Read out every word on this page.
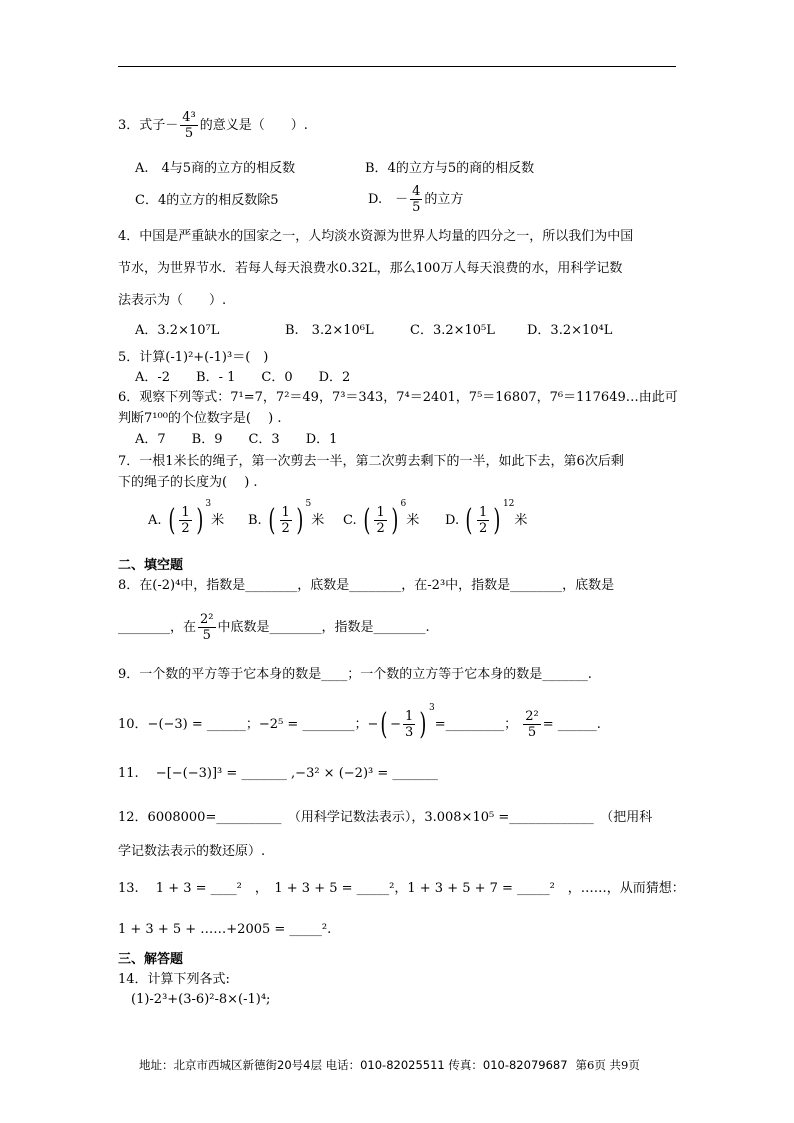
3．式子－ $\frac{\text{4³}}{5}$ 的意义是（　　）.
A.　4与5商的立方的相反数	B．4的立方与5的商的相反数
C．4的立方的相反数除5	D.　－ $\frac{4}{5}$ 的立方
4．中国是严重缺水的国家之一，人均淡水资源为世界人均量的四分之一，所以我们为中国
节水，为世界节水．若每人每天浪费水0.32L，那么100万人每天浪费的水，用科学记数
法表示为（　　）.
A．3.2×10⁷L	B.　3.2×10⁶L	C．3.2×10⁵L D．3.2×10⁴L
5．计算(-1)²+(-1)³＝(　)
A．-2　　B．- 1　　C．0　　D．2
6．观察下列等式：7¹=7，7²＝49，7³＝343，7⁴＝2401，7⁵＝16807，7⁶＝117649…由此可
判断7¹⁰⁰的个位数字是(　 ) .
A．7　　B．9　　C．3　　D．1
7．一根1米长的绳子，第一次剪去一半，第二次剪去剩下的一半，如此下去，第6次后剩
下的绳子的长度为(　 ) .
A. ( $\frac{1}{2}$ ) $^3$米 B. ( $\frac{1}{2}$ ) $^5$米 C. ( $\frac{1}{2}$ ) $^6$米 D. ( $\frac{1}{2}$ ) $^{12}$米
二、填空题
8．在(-2)⁴中，指数是________，底数是________，在-2³中，指数是________，底数是
________，在 $\frac{\text{2²}}{5}$ 中底数是________，指数是________.
9．一个数的平方等于它本身的数是____；一个数的立方等于它本身的数是_______.
10．−(−3) = ______；−2⁵ = ________；−( − $\frac{1}{3}$ ) $^3$=_________； $\frac{\text{2²}}{5}$ = ______.
11.　 −[−(−3)]³ = _______ ,−3² × (−2)³ = _______
12．6008000=__________　（用科学记数法表示），3.008×10⁵ =_____________　（把用科
学记数法表示的数还原）.
13.　 1 + 3 = ____²　，　1 + 3 + 5 = _____²，1 + 3 + 5 + 7 = _____²　，……，从而猜想：
1 + 3 + 5 + ……+2005 = _____².
三、解答题
14．计算下列各式:
(1)-2³+(3-6)²-8×(-1)⁴;
地址：北京市西城区新德街20号4层 电话：010-82025511 传真：010-82079687 第6页 共9页
